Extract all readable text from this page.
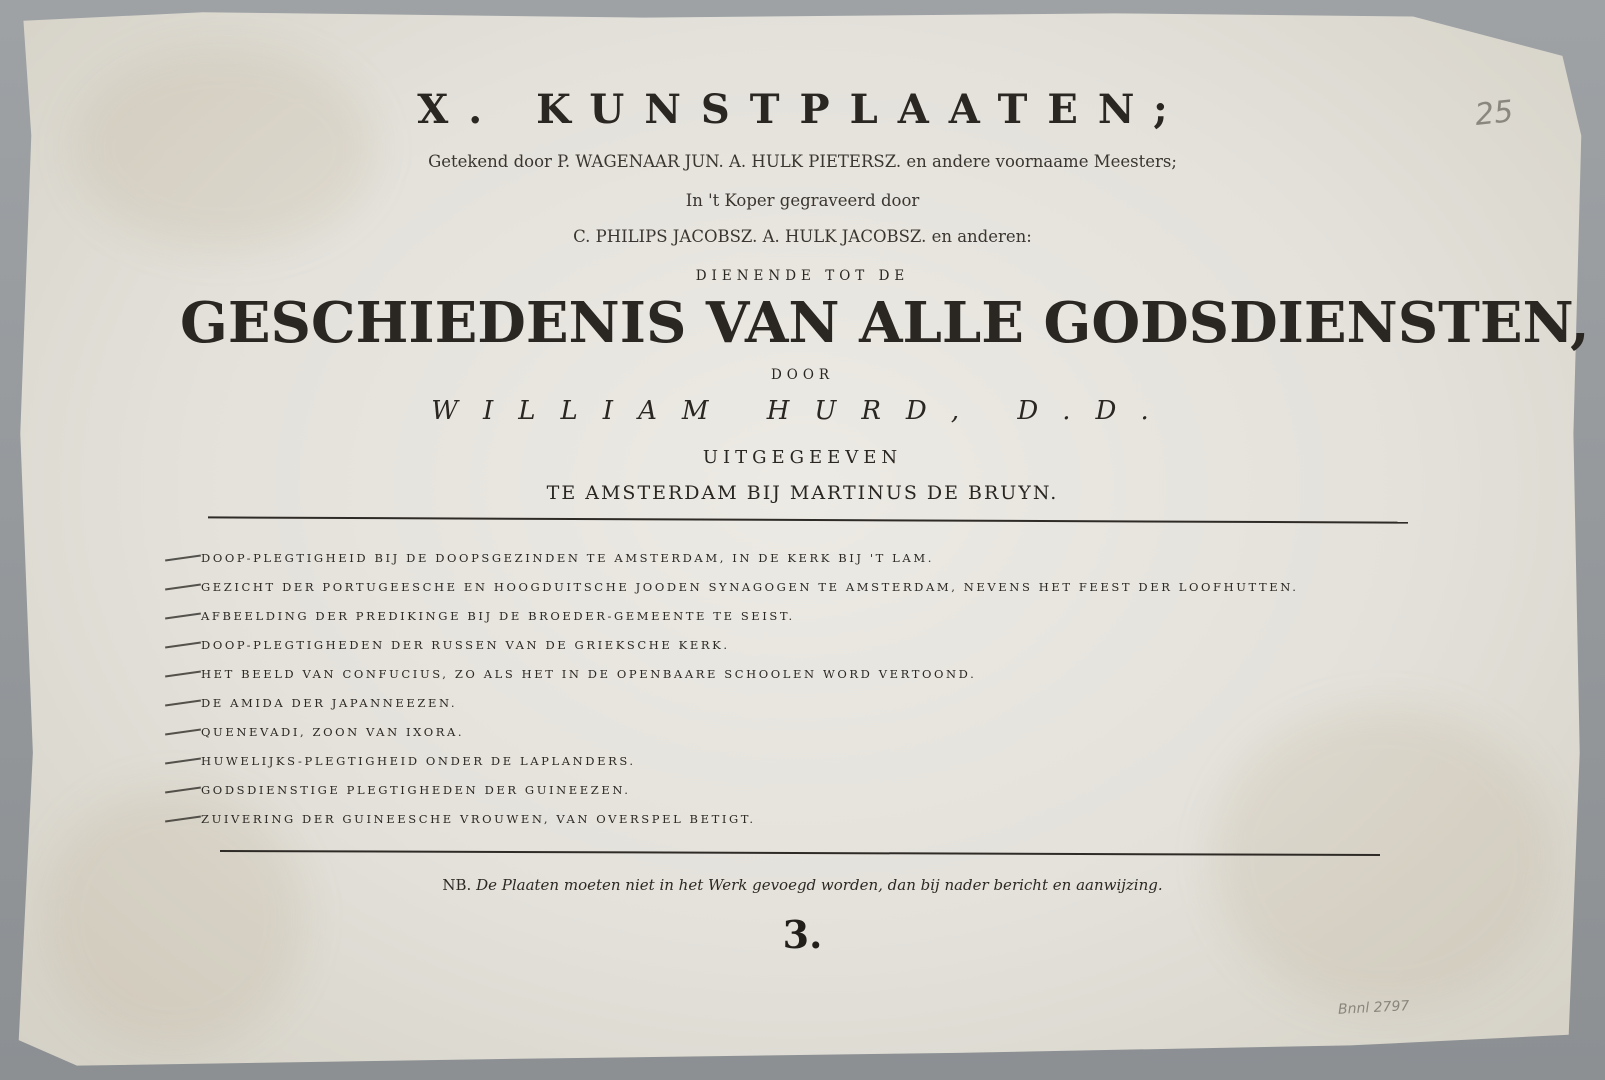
X. KUNSTPLAATEN;
Getekend door P. WAGENAAR JUN. A. HULK PIETERSZ. en andere voornaame Meesters;
In 't Koper gegraveerd door
C. PHILIPS JACOBSZ. A. HULK JACOBSZ. en anderen:
DIENENDE TOT DE
GESCHIEDENIS VAN ALLE GODSDIENSTEN,
DOOR
WILLIAM HURD, D.D.
UITGEGEEVEN
TE AMSTERDAM BIJ MARTINUS DE BRUYN.
DOOP-PLEGTIGHEID BIJ DE DOOPSGEZINDEN TE AMSTERDAM, IN DE KERK BIJ 'T LAM.
GEZICHT DER PORTUGEESCHE EN HOOGDUITSCHE JOODEN SYNAGOGEN TE AMSTERDAM, NEVENS HET FEEST DER LOOFHUTTEN.
AFBEELDING DER PREDIKINGE BIJ DE BROEDER-GEMEENTE TE SEIST.
DOOP-PLEGTIGHEDEN DER RUSSEN VAN DE GRIEKSCHE KERK.
HET BEELD VAN CONFUCIUS, ZO ALS HET IN DE OPENBAARE SCHOOLEN WORD VERTOOND.
DE AMIDA DER JAPANNEEZEN.
QUENEVADI, ZOON VAN IXORA.
HUWELIJKS-PLEGTIGHEID ONDER DE LAPLANDERS.
GODSDIENSTIGE PLEGTIGHEDEN DER GUINEEZEN.
ZUIVERING DER GUINEESCHE VROUWEN, VAN OVERSPEL BETIGT.
NB. De Plaaten moeten niet in het Werk gevoegd worden, dan bij nader bericht en aanwijzing.
3.
25
Bnnl 2797
